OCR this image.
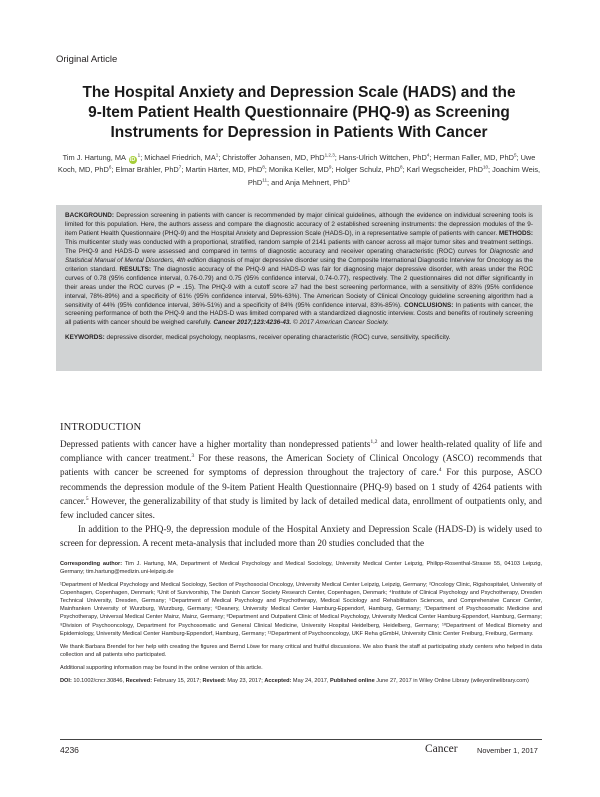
Original Article
The Hospital Anxiety and Depression Scale (HADS) and the
9-Item Patient Health Questionnaire (PHQ-9) as Screening
Instruments for Depression in Patients With Cancer
Tim J. Hartung, MA $iD^1$; Michael Friedrich, $MA^1$; Christoffer Johansen, MD, PhD$^{1,2,3}$; Hans-Ulrich Wittchen, PhD$^4$; Herman Faller, MD, PhD$^5$; Uwe Koch, MD, PhD$^6$; Elmar Brähler, PhD$^7$; Martin Härter, MD, PhD$^8$; Monika Keller, $MD^9$; Holger Schulz, PhD$^8$; Karl Wegscheider, PhD$^{10}$; Joachim Weis, PhD$^{11}$; and Anja Mehnert, PhD$^1$

BACKGROUND: Depression screening in patients with cancer is recommended by major clinical guidelines, although the evidence on individual screening tools is limited for this population. Here, the authors assess and compare the diagnostic accuracy of 2 established screening instruments: the depression modules of the 9-item Patient Health Questionnaire (PHQ-9) and the Hospital Anxiety and Depression Scale (HADS-D), in a representative sample of patients with cancer. METHODS: This multicenter study was conducted with a proportional, stratified, random sample of 2141 patients with cancer across all major tumor sites and treatment settings. The PHQ-9 and HADS-D were assessed and compared in terms of diagnostic accuracy and receiver operating characteristic (ROC) curves for Diagnostic and Statistical Manual of Mental Disorders, 4th edition diagnosis of major depressive disorder using the Composite International Diagnostic Interview for Oncology as the criterion standard. RESULTS: The diagnostic accuracy of the PHQ-9 and HADS-D was fair for diagnosing major depressive disorder, with areas under the ROC curves of 0.78 (95% confidence interval, 0.76-0.79) and 0.75 (95% confidence interval, 0.74-0.77), respectively. The 2 questionnaires did not differ significantly in their areas under the ROC curves (P = .15). The PHQ-9 with a cutoff score ≥7 had the best screening performance, with a sensitivity of 83% (95% confidence interval, 78%-89%) and a specificity of 61% (95% confidence interval, 59%-63%). The American Society of Clinical Oncology guideline screening algorithm had a sensitivity of 44% (95% confidence interval, 36%-51%) and a specificity of 84% (95% confidence interval, 83%-85%). CONCLUSIONS: In patients with cancer, the screening performance of both the PHQ-9 and the HADS-D was limited compared with a standardized diagnostic interview. Costs and benefits of routinely screening all patients with cancer should be weighed carefully. Cancer 2017;123:4236-43. © 2017 American Cancer Society.

KEYWORDS: depressive disorder, medical psychology, neoplasms, receiver operating characteristic (ROC) curve, sensitivity, specificity.

INTRODUCTION

Depressed patients with cancer have a higher mortality than nondepressed patients$^{1,2}$ and lower health-related quality of life and compliance with cancer treatment.$^3$ For these reasons, the American Society of Clinical Oncology (ASCO) recommends that patients with cancer be screened for symptoms of depression throughout the trajectory of care.$^4$ For this purpose, ASCO recommends the depression module of the 9-item Patient Health Questionnaire (PHQ-9) based on 1 study of 4264 patients with cancer.$^5$ However, the generalizability of that study is limited by lack of detailed medical data, enrollment of outpatients only, and few included cancer sites.

In addition to the PHQ-9, the depression module of the Hospital Anxiety and Depression Scale (HADS-D) is widely used to screen for depression. A recent meta-analysis that included more than 20 studies concluded that the

Corresponding author: Tim J. Hartung, MA, Department of Medical Psychology and Medical Sociology, University Medical Center Leipzig, Philipp-Rosenthal-Strasse 55, 04103 Leipzig, Germany; tim.hartung@medizin.uni-leipzig.de

¹Department of Medical Psychology and Medical Sociology, Section of Psychosocial Oncology, University Medical Center Leipzig, Leipzig, Germany; ²Oncology Clinic, Rigshospitalet, University of Copenhagen, Copenhagen, Denmark; ³Unit of Survivorship, The Danish Cancer Society Research Center, Copenhagen, Denmark; ⁴Institute of Clinical Psychology and Psychotherapy, Dresden Technical University, Dresden, Germany; ⁵Department of Medical Psychology and Psychotherapy, Medical Sociology and Rehabilitation Sciences, and Comprehensive Cancer Center, Mainfranken University of Wurzburg, Wurzburg, Germany; ⁶Deanery, University Medical Center Hamburg-Eppendorf, Hamburg, Germany; ⁷Department of Psychosomatic Medicine and Psychotherapy, Universal Medical Center Mainz, Mainz, Germany; ⁸Department and Outpatient Clinic of Medical Psychology, University Medical Center Hamburg-Eppendorf, Hamburg, Germany; ⁹Division of Psychooncology, Department for Psychosomatic and General Clinical Medicine, University Hospital Heidelberg, Heidelberg, Germany; ¹⁰Department of Medical Biometry and Epidemiology, University Medical Center Hamburg-Eppendorf, Hamburg, Germany; ¹¹Department of Psychooncology, UKF Reha gGmbH, University Clinic Center Freiburg, Freiburg, Germany.

We thank Barbara Brendel for her help with creating the figures and Bernd Löwe for many critical and fruitful discussions. We also thank the staff at participating study centers who helped in data collection and all patients who participated.

Additional supporting information may be found in the online version of this article.

DOI: 10.1002/cncr.30846, Received: February 15, 2017; Revised: May 23, 2017; Accepted: May 24, 2017, Published online June 27, 2017 in Wiley Online Library (wileyonlinelibrary.com)

4236	Cancer	November 1, 2017
